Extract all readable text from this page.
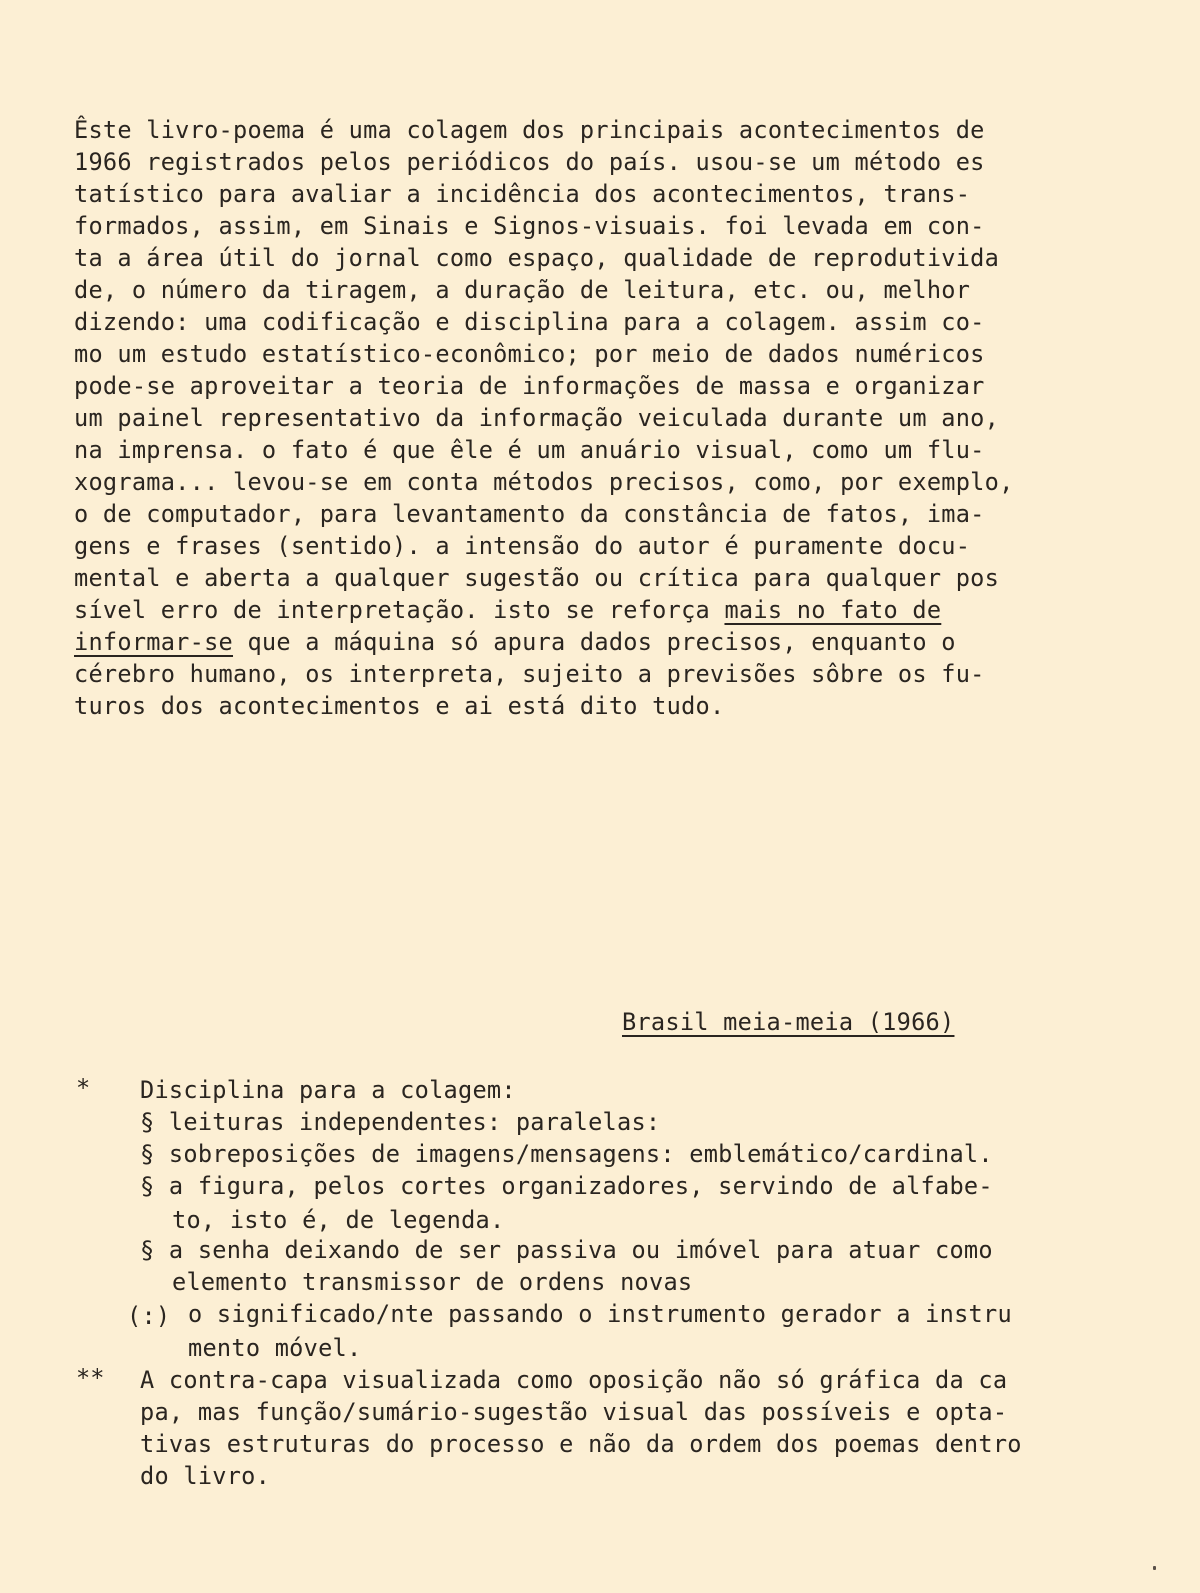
Êste livro-poema é uma colagem dos principais acontecimentos de
1966 registrados pelos periódicos do país. usou-se um método es
tatístico para avaliar a incidência dos acontecimentos, trans-
formados, assim, em Sinais e Signos-visuais. foi levada em con-
ta a área útil do jornal como espaço, qualidade de reprodutivida
de, o número da tiragem, a duração de leitura, etc. ou, melhor
dizendo: uma codificação e disciplina para a colagem. assim co-
mo um estudo estatístico-econômico; por meio de dados numéricos
pode-se aproveitar a teoria de informações de massa e organizar
um painel representativo da informação veiculada durante um ano,
na imprensa. o fato é que êle é um anuário visual, como um flu-
xograma... levou-se em conta métodos precisos, como, por exemplo,
o de computador, para levantamento da constância de fatos, ima-
gens e frases (sentido). a intensão do autor é puramente docu-
mental e aberta a qualquer sugestão ou crítica para qualquer pos
sível erro de interpretação. isto se reforça mais no fato de
informar-se que a máquina só apura dados precisos, enquanto o
cérebro humano, os interpreta, sujeito a previsões sôbre os fu-
turos dos acontecimentos e ai está dito tudo.
Brasil meia-meia (1966)
* Disciplina para a colagem:
§ leituras independentes: paralelas:
§ sobreposições de imagens/mensagens: emblemático/cardinal.
§ a figura, pelos cortes organizadores, servindo de alfabe-
to, isto é, de legenda.
§ a senha deixando de ser passiva ou imóvel para atuar como
elemento transmissor de ordens novas
(:) o significado/nte passando o instrumento gerador a instru
mento móvel.
** A contra-capa visualizada como oposição não só gráfica da ca
pa, mas função/sumário-sugestão visual das possíveis e opta-
tivas estruturas do processo e não da ordem dos poemas dentro
do livro.
